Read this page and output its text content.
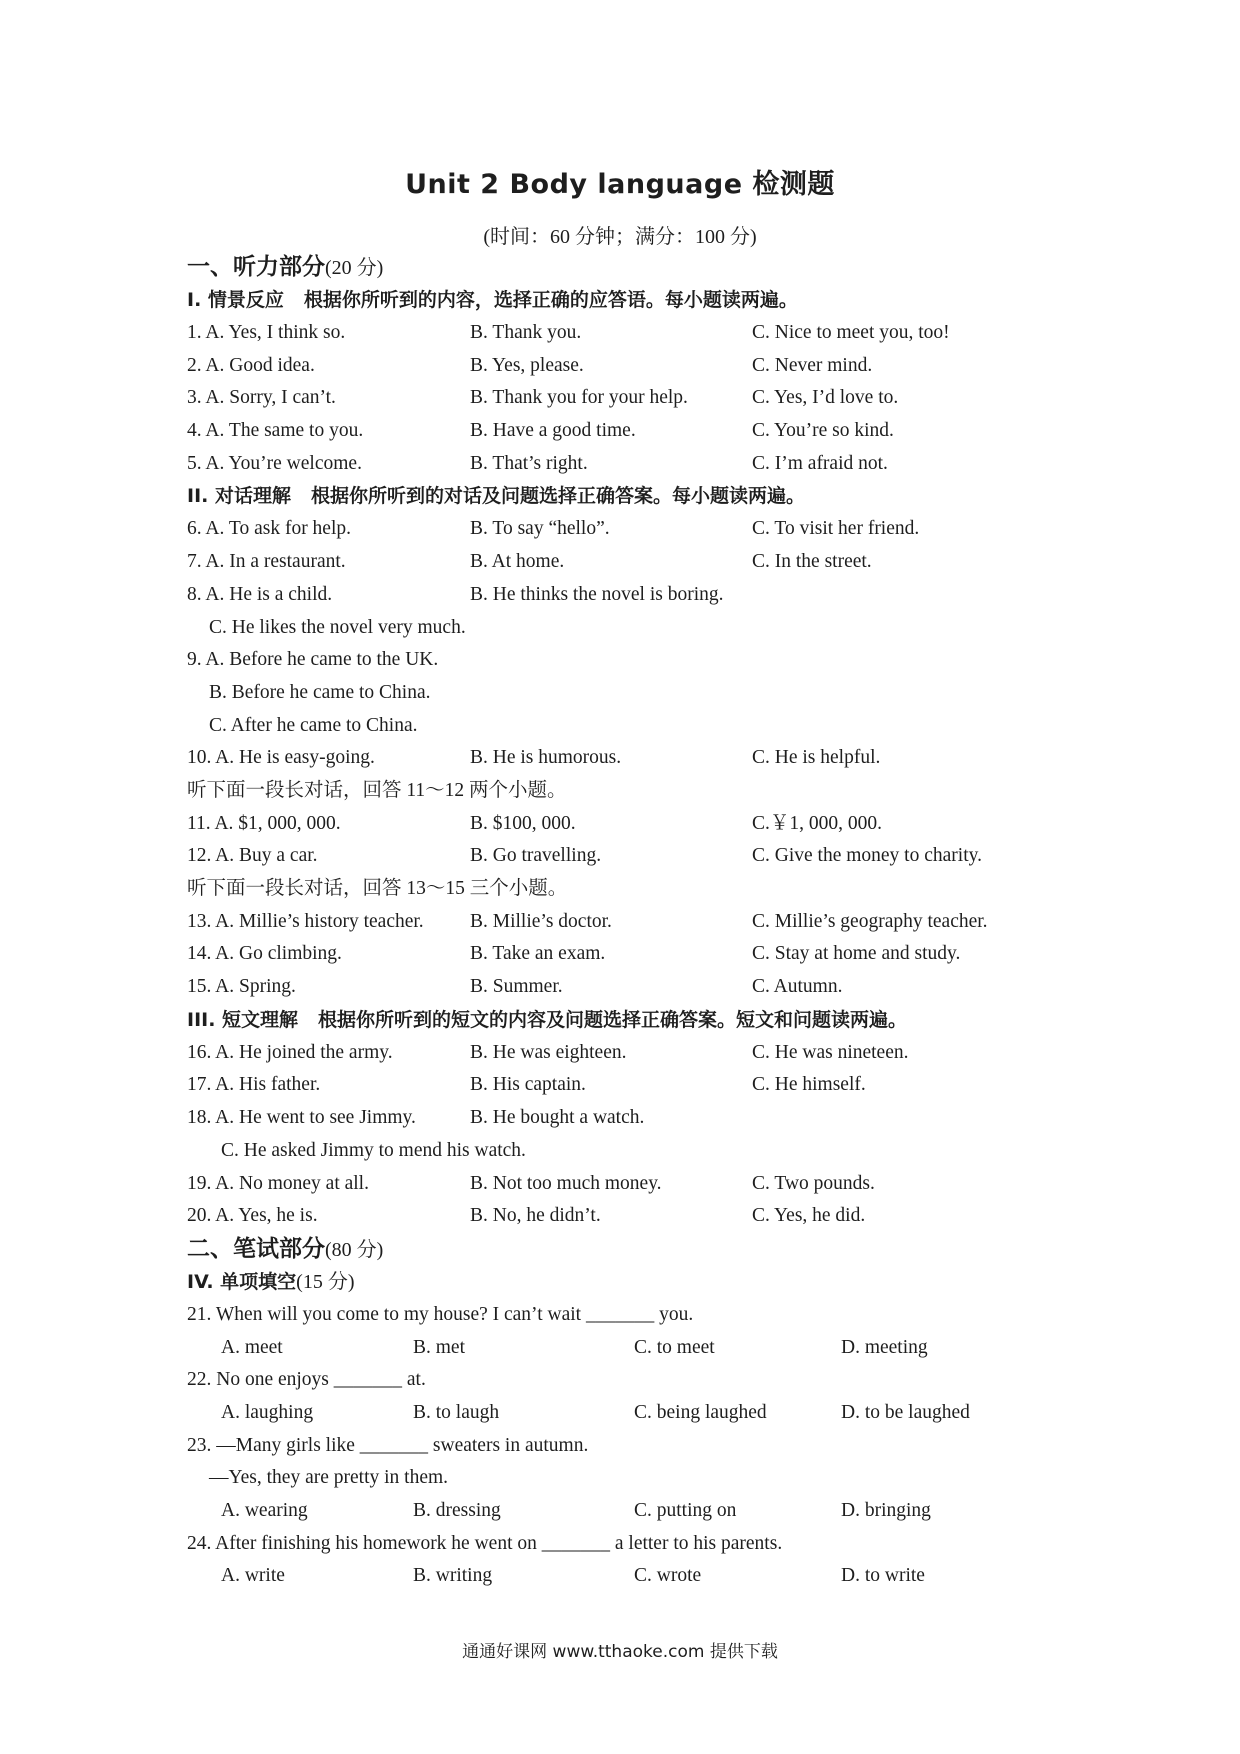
Unit 2 Body language 检测题
(时间：60 分钟；满分：100 分)
一、听力部分(20 分)
I. 情景反应 根据你所听到的内容，选择正确的应答语。每小题读两遍。
1. A. Yes, I think so.	B. Thank you.	C. Nice to meet you, too!
2. A. Good idea.	B. Yes, please.	C. Never mind.
3. A. Sorry, I can’t.	B. Thank you for your help.	C. Yes, I’d love to.
4. A. The same to you.	B. Have a good time.	C. You’re so kind.
5. A. You’re welcome.	B. That’s right.	C. I’m afraid not.
II. 对话理解 根据你所听到的对话及问题选择正确答案。每小题读两遍。
6. A. To ask for help.	B. To say “hello”.	C. To visit her friend.
7. A. In a restaurant.	B. At home.	C. In the street.
8. A. He is a child.	B. He thinks the novel is boring.
C. He likes the novel very much.
9. A. Before he came to the UK.
B. Before he came to China.
C. After he came to China.
10. A. He is easy-going.	B. He is humorous.	C. He is helpful.
听下面一段长对话，回答 11～12 两个小题。
11. A. $1, 000, 000.	B. $100, 000.	C.￥1, 000, 000.
12. A. Buy a car.	B. Go travelling.	C. Give the money to charity.
听下面一段长对话，回答 13～15 三个小题。
13. A. Millie’s history teacher. B. Millie’s doctor.	C. Millie’s geography teacher.
14. A. Go climbing.	B. Take an exam.	C. Stay at home and study.
15. A. Spring.	B. Summer.	C. Autumn.
III. 短文理解 根据你所听到的短文的内容及问题选择正确答案。短文和问题读两遍。
16. A. He joined the army.	B. He was eighteen.	C. He was nineteen.
17. A. His father.	B. His captain.	C. He himself.
18. A. He went to see Jimmy.	B. He bought a watch.
C. He asked Jimmy to mend his watch.
19. A. No money at all.	B. Not too much money.	C. Two pounds.
20. A. Yes, he is.	B. No, he didn’t.	C. Yes, he did.
二、笔试部分(80 分)
IV. 单项填空(15 分)
21. When will you come to my house? I can’t wait _______ you.
A. meet	B. met	C. to meet	D. meeting
22. No one enjoys _______ at.
A. laughing	B. to laugh	C. being laughed	D. to be laughed
23. —Many girls like _______ sweaters in autumn.
—Yes, they are pretty in them.
A. wearing	B. dressing	C. putting on	D. bringing
24. After finishing his homework he went on _______ a letter to his parents.
A. write	B. writing	C. wrote	D. to write
通通好课网 www.tthaoke.com 提供下载
